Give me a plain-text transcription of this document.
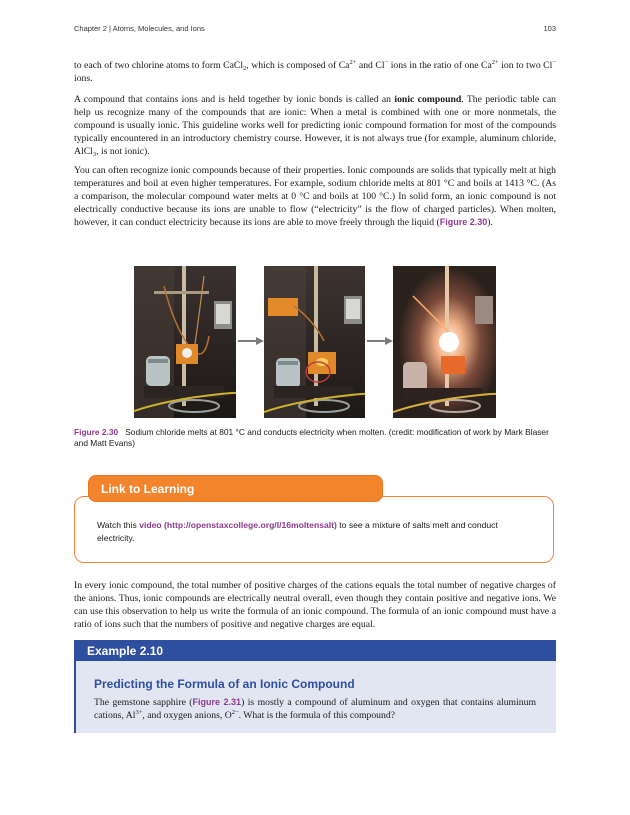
Chapter 2 | Atoms, Molecules, and Ions	103

to each of two chlorine atoms to form CaCl$_2$, which is composed of $Ca^{2+}$ and Cl− ions in the ratio of one $Ca^{2+}$ ion to two Cl− ions.

A compound that contains ions and is held together by ionic bonds is called an ionic compound. The periodic table can help us recognize many of the compounds that are ionic: When a metal is combined with one or more nonmetals, the compound is usually ionic. This guideline works well for predicting ionic compound formation for most of the compounds typically encountered in an introductory chemistry course. However, it is not always true (for example, aluminum chloride, AlCl$_3$, is not ionic).

You can often recognize ionic compounds because of their properties. Ionic compounds are solids that typically melt at high temperatures and boil at even higher temperatures. For example, sodium chloride melts at 801 °C and boils at 1413 °C. (As a comparison, the molecular compound water melts at 0 °C and boils at 100 °C.) In solid form, an ionic compound is not electrically conductive because its ions are unable to flow (“electricity” is the flow of charged particles). When molten, however, it can conduct electricity because its ions are able to move freely through the liquid (Figure 2.30).

Figure 2.30 Sodium chloride melts at 801 °C and conducts electricity when molten. (credit: modification of work by Mark Blaser and Matt Evans)
Link to Learning
Watch this video (http://openstaxcollege.org/l/16moltensalt) to see a mixture of salts melt and conduct electricity.

In every ionic compound, the total number of positive charges of the cations equals the total number of negative charges of the anions. Thus, ionic compounds are electrically neutral overall, even though they contain positive and negative ions. We can use this observation to help us write the formula of an ionic compound. The formula of an ionic compound must have a ratio of ions such that the numbers of positive and negative charges are equal.

Example 2.10
Predicting the Formula of an Ionic Compound

The gemstone sapphire (Figure 2.31) is mostly a compound of aluminum and oxygen that contains aluminum cations, $Al^{3+}$, and oxygen anions, $O^{2-}$. What is the formula of this compound?
